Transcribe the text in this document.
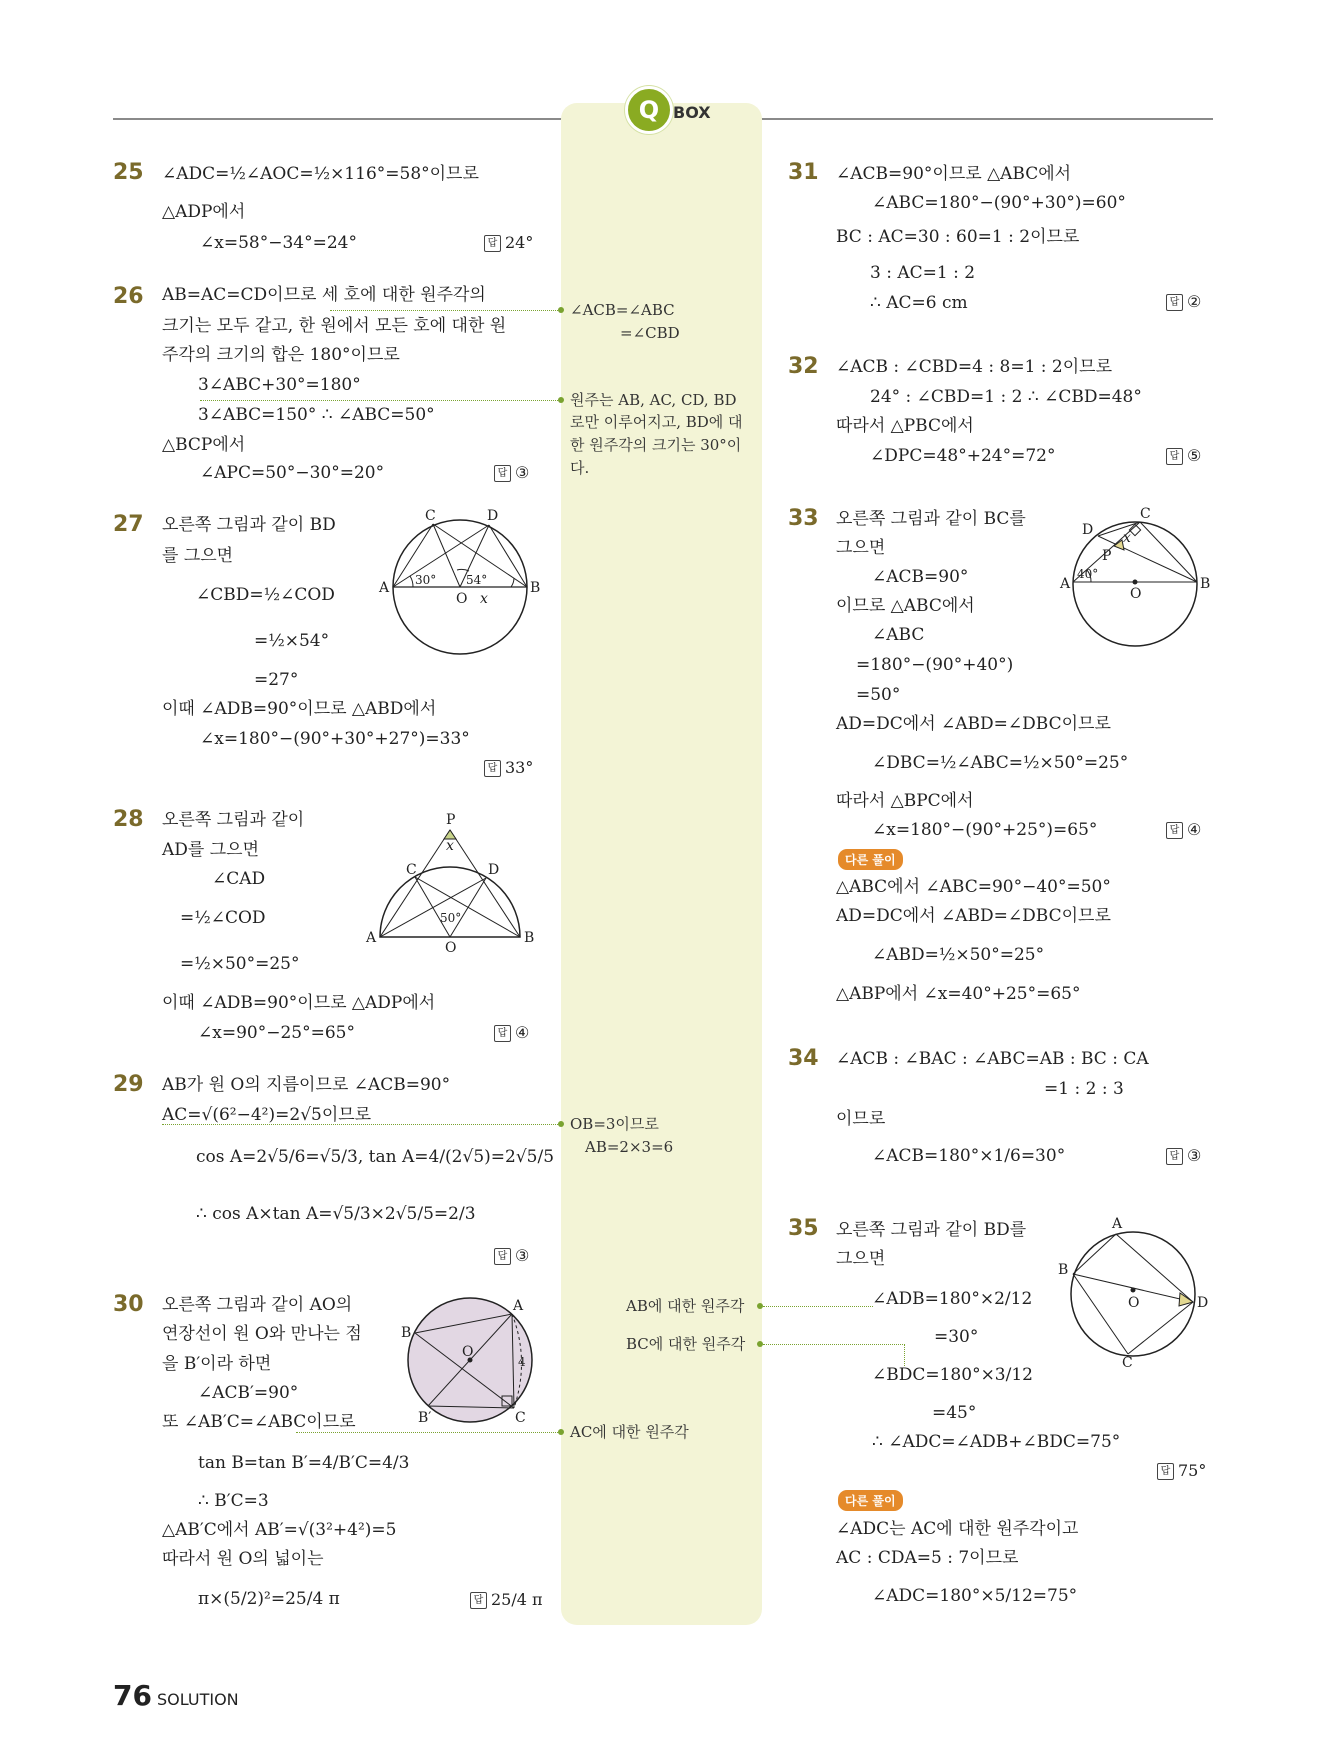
Q BOX
25 ∠ADC=½∠AOC=½×116°=58°이므로
△ADP에서
∠x=58°−34°=24°	답 24°
26 AB=AC=CD이므로 세 호에 대한 원주각의
크기는 모두 같고, 한 원에서 모든 호에 대한 원
주각의 크기의 합은 180°이므로
3∠ABC+30°=180°
3∠ABC=150° ∴ ∠ABC=50°
△BCP에서
∠APC=50°−30°=20°	답 ③
27 오른쪽 그림과 같이 BD
를 그으면
∠CBD=½∠COD
=½×54°
=27°
이때 ∠ADB=90°이므로 △ABD에서
∠x=180°−(90°+30°+27°)=33°
답 33°
A	B
C	D
O x
30° 54°
28 오른쪽 그림과 같이
AD를 그으면
∠CAD
=½∠COD
=½×50°=25°
이때 ∠ADB=90°이므로 △ADP에서
∠x=90°−25°=65°	답 ④
P
x
C	D
50°
A
O
B
29 AB가 원 O의 지름이므로 ∠ACB=90°
AC=√(6²−4²)=2√5이므로
cos A=2√5/6=√5/3, tan A=4/(2√5)=2√5/5
∴ cos A×tan A=√5/3×2√5/5=2/3
답 ③
30 오른쪽 그림과 같이 AO의
연장선이 원 O와 만나는 점
을 B′이라 하면
∠ACB′=90°
또 ∠AB′C=∠ABC이므로
tan B=tan B′=4/B′C=4/3
∴ B′C=3
△AB′C에서 AB′=√(3²+4²)=5
따라서 원 O의 넓이는
π×(5/2)²=25/4 π	답 25/4 π
A
B
O
4
B′	C
∠ACB=∠ABC
=∠CBD
원주는 AB, AC, CD, BD
로만 이루어지고, BD에 대
한 원주각의 크기는 30°이
다.
OB=3이므로
AB=2×3=6
AB에 대한 원주각
BC에 대한 원주각
AC에 대한 원주각
31 ∠ACB=90°이므로 △ABC에서
∠ABC=180°−(90°+30°)=60°
BC : AC=30 : 60=1 : 2이므로
3 : AC=1 : 2
∴ AC=6 cm	답 ②
32 ∠ACB : ∠CBD=4 : 8=1 : 2이므로
24° : ∠CBD=1 : 2 ∴ ∠CBD=48°
따라서 △PBC에서
∠DPC=48°+24°=72°	답 ⑤
33 오른쪽 그림과 같이 BC를
그으면
∠ACB=90°
이므로 △ABC에서
∠ABC
=180°−(90°+40°)
=50°
AD=DC에서 ∠ABD=∠DBC이므로
∠DBC=½∠ABC=½×50°=25°
따라서 △BPC에서
∠x=180°−(90°+25°)=65°	답 ④
다른 풀이
△ABC에서 ∠ABC=90°−40°=50°
AD=DC에서 ∠ABD=∠DBC이므로
∠ABD=½×50°=25°
△ABP에서 ∠x=40°+25°=65°
D
C
P
x
A
40°
O
B
34 ∠ACB : ∠BAC : ∠ABC=AB : BC : CA
=1 : 2 : 3
이므로
∠ACB=180°×1/6=30°	답 ③
35 오른쪽 그림과 같이 BD를
그으면
∠ADB=180°×2/12
=30°
∠BDC=180°×3/12
=45°
∴ ∠ADC=∠ADB+∠BDC=75°
답 75°
다른 풀이
∠ADC는 AC에 대한 원주각이고
AC : CDA=5 : 7이므로
∠ADC=180°×5/12=75°
A
B
O	D
C
76 SOLUTION
